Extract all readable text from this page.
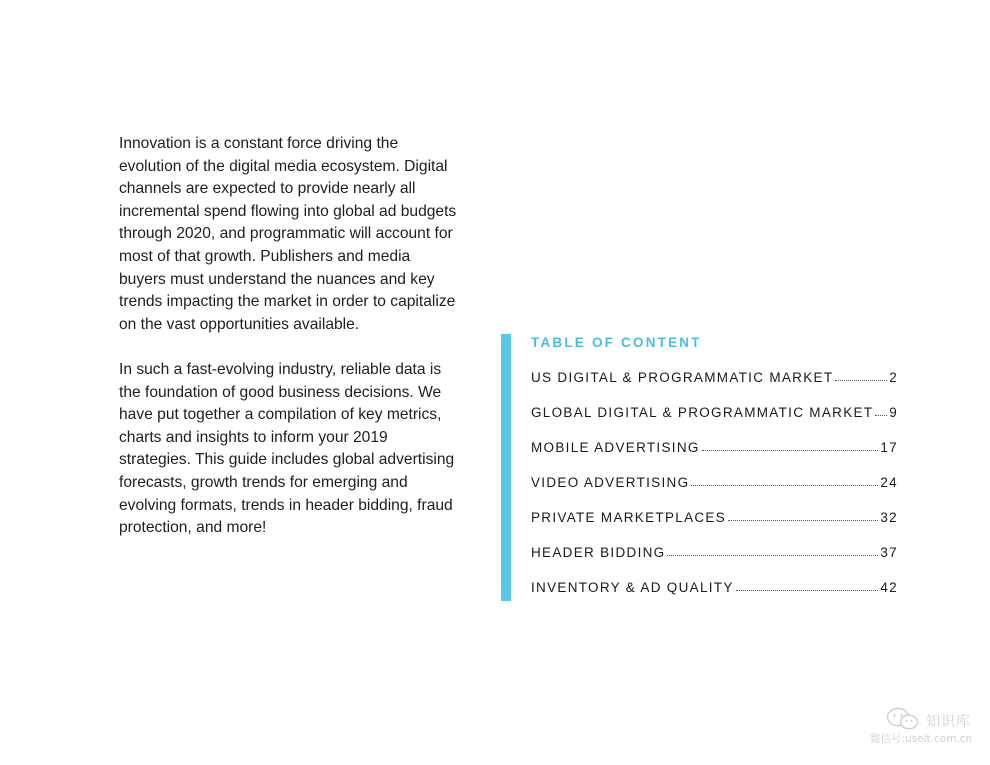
Innovation is a constant force driving the evolution of the digital media ecosystem. Digital channels are expected to provide nearly all incremental spend flowing into global ad budgets through 2020, and programmatic will account for most of that growth. Publishers and media buyers must understand the nuances and key trends impacting the market in order to capitalize on the vast opportunities available.

In such a fast-evolving industry, reliable data is the foundation of good business decisions. We have put together a compilation of key metrics, charts and insights to inform your 2019 strategies. This guide includes global advertising forecasts, growth trends for emerging and evolving formats, trends in header bidding, fraud protection, and more!

TABLE OF CONTENT
US DIGITAL & PROGRAMMATIC MARKET	2
GLOBAL DIGITAL & PROGRAMMATIC MARKET 9
MOBILE ADVERTISING	17
VIDEO ADVERTISING	24
PRIVATE MARKETPLACES	32
HEADER BIDDING	37
INVENTORY & AD QUALITY	42
知识库
微信号:useit.com.cn
